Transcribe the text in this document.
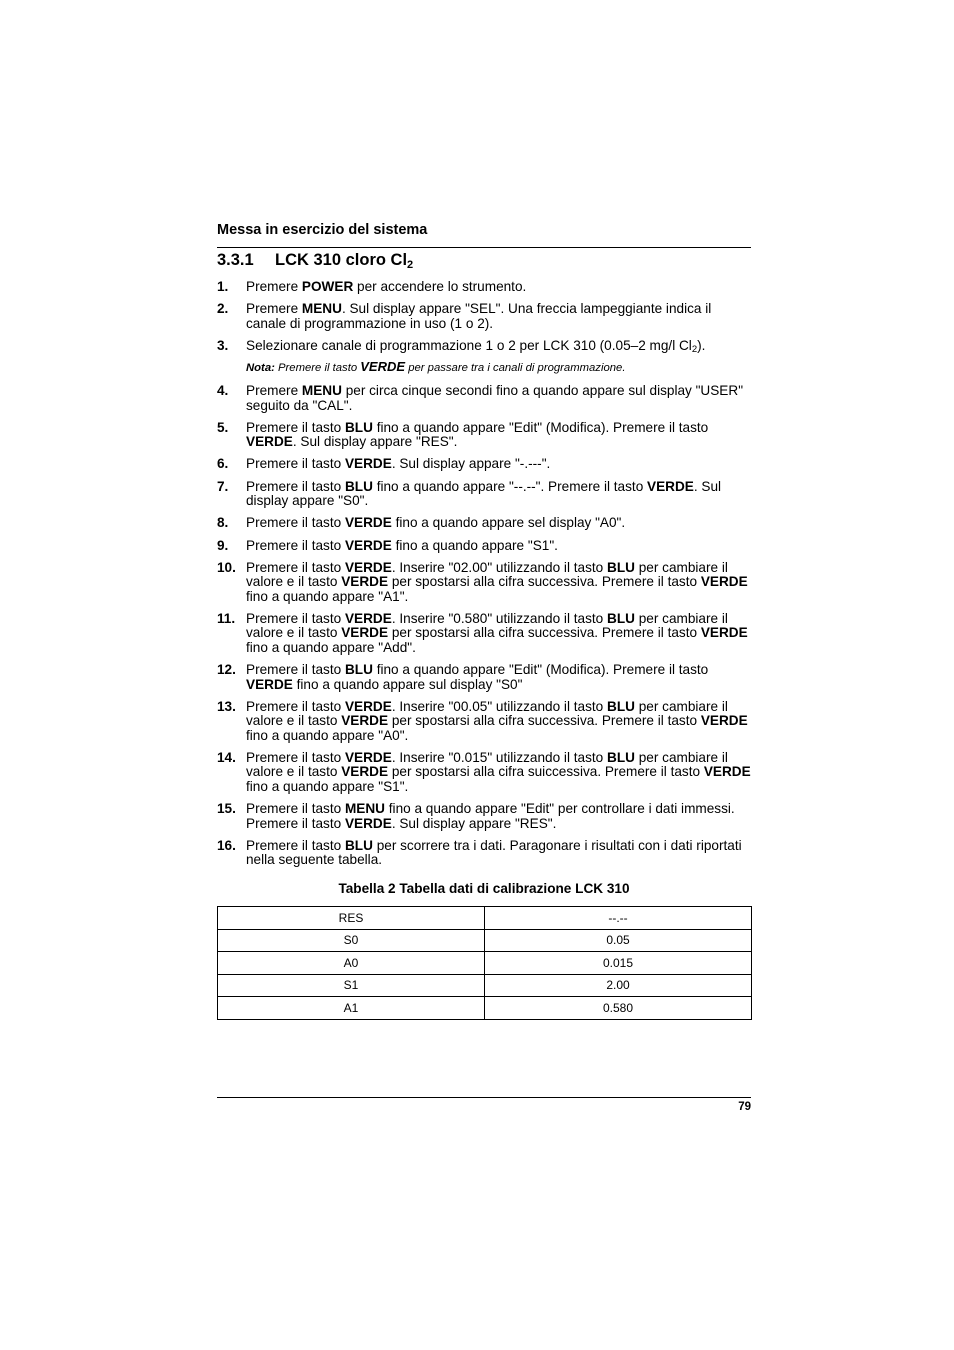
Messa in esercizio del sistema
3.3.1 LCK 310 cloro $Cl_2$
1. Premere POWER per accendere lo strumento.
2. Premere MENU. Sul display appare "SEL". Una freccia lampeggiante indica il canale di programmazione in uso (1 o 2).
3. Selezionare canale di programmazione 1 o 2 per LCK 310 (0.05–2 mg/l $Cl_2$).
Nota: Premere il tasto VERDE per passare tra i canali di programmazione.
4. Premere MENU per circa cinque secondi fino a quando appare sul display "USER" seguito da "CAL".
5. Premere il tasto BLU fino a quando appare "Edit" (Modifica). Premere il tasto VERDE. Sul display appare "RES".
6. Premere il tasto VERDE. Sul display appare "-.---".
7. Premere il tasto BLU fino a quando appare "--.--". Premere il tasto VERDE. Sul display appare "S0".
8. Premere il tasto VERDE fino a quando appare sel display "A0".
9. Premere il tasto VERDE fino a quando appare "S1".
10. Premere il tasto VERDE. Inserire "02.00" utilizzando il tasto BLU per cambiare il valore e il tasto VERDE per spostarsi alla cifra successiva. Premere il tasto VERDE fino a quando appare "A1".
11. Premere il tasto VERDE. Inserire "0.580" utilizzando il tasto BLU per cambiare il valore e il tasto VERDE per spostarsi alla cifra successiva. Premere il tasto VERDE fino a quando appare "Add".
12. Premere il tasto BLU fino a quando appare "Edit" (Modifica). Premere il tasto VERDE fino a quando appare sul display "S0"
13. Premere il tasto VERDE. Inserire "00.05" utilizzando il tasto BLU per cambiare il valore e il tasto VERDE per spostarsi alla cifra successiva. Premere il tasto VERDE fino a quando appare "A0".
14. Premere il tasto VERDE. Inserire "0.015" utilizzando il tasto BLU per cambiare il valore e il tasto VERDE per spostarsi alla cifra suiccessiva. Premere il tasto VERDE fino a quando appare "S1".
15. Premere il tasto MENU fino a quando appare "Edit" per controllare i dati immessi. Premere il tasto VERDE. Sul display appare "RES".
16. Premere il tasto BLU per scorrere tra i dati. Paragonare i risultati con i dati riportati nella seguente tabella.
Tabella 2 Tabella dati di calibrazione LCK 310
RES	--.--
S0	0.05
A0	0.015
S1	2.00
A1	0.580
79
